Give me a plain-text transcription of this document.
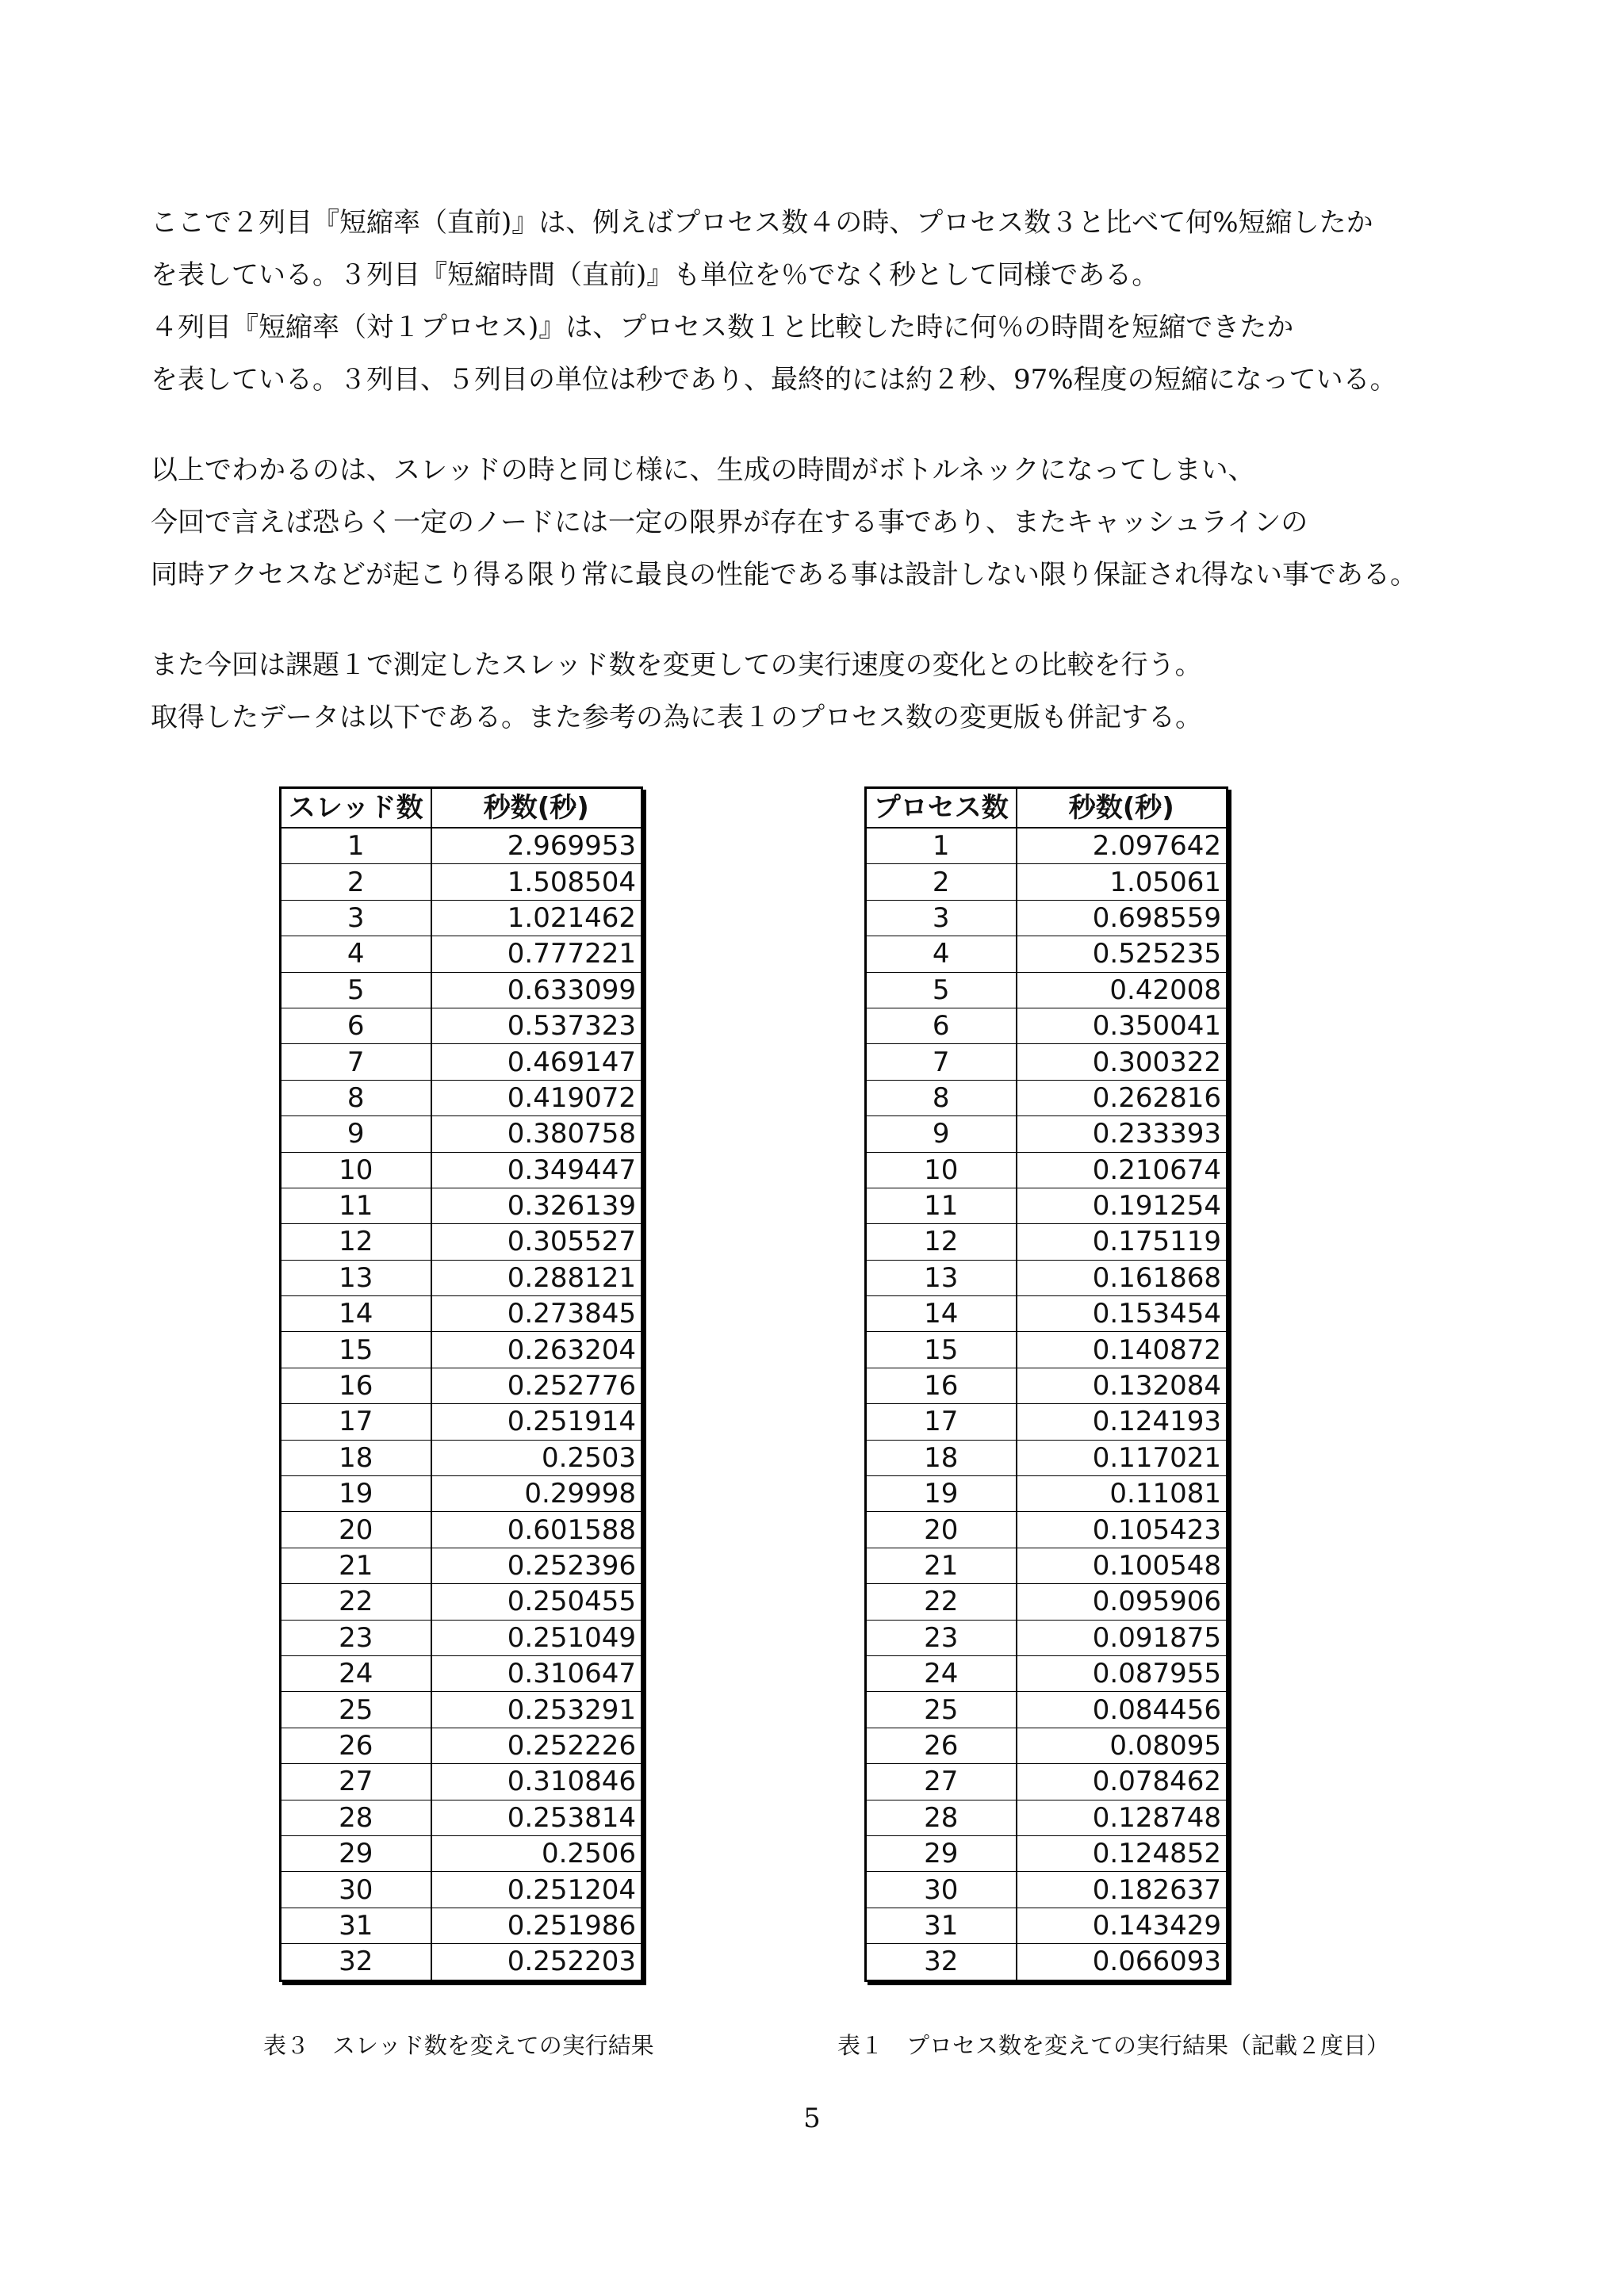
ここで２列目『短縮率（直前)』は、例えばプロセス数４の時、プロセス数３と比べて何%短縮したか
を表している。３列目『短縮時間（直前)』も単位を％でなく秒として同様である。
４列目『短縮率（対１プロセス)』は、プロセス数１と比較した時に何％の時間を短縮できたか
を表している。３列目、５列目の単位は秒であり、最終的には約２秒、97%程度の短縮になっている。
以上でわかるのは、スレッドの時と同じ様に、生成の時間がボトルネックになってしまい、
今回で言えば恐らく一定のノードには一定の限界が存在する事であり、またキャッシュラインの
同時アクセスなどが起こり得る限り常に最良の性能である事は設計しない限り保証され得ない事である。
また今回は課題１で測定したスレッド数を変更しての実行速度の変化との比較を行う。
取得したデータは以下である。また参考の為に表１のプロセス数の変更版も併記する。
スレッド数	秒数(秒)
1	2.969953
2	1.508504
3	1.021462
4	0.777221
5	0.633099
6	0.537323
7	0.469147
8	0.419072
9	0.380758
10	0.349447
11	0.326139
12	0.305527
13	0.288121
14	0.273845
15	0.263204
16	0.252776
17	0.251914
18	0.2503
19	0.29998
20	0.601588
21	0.252396
22	0.250455
23	0.251049
24	0.310647
25	0.253291
26	0.252226
27	0.310846
28	0.253814
29	0.2506
30	0.251204
31	0.251986
32	0.252203
プロセス数	秒数(秒)
1	2.097642
2	1.05061
3	0.698559
4	0.525235
5	0.42008
6	0.350041
7	0.300322
8	0.262816
9	0.233393
10	0.210674
11	0.191254
12	0.175119
13	0.161868
14	0.153454
15	0.140872
16	0.132084
17	0.124193
18	0.117021
19	0.11081
20	0.105423
21	0.100548
22	0.095906
23	0.091875
24	0.087955
25	0.084456
26	0.08095
27	0.078462
28	0.128748
29	0.124852
30	0.182637
31	0.143429
32	0.066093
表３　スレッド数を変えての実行結果	表１　プロセス数を変えての実行結果（記載２度目）
5
